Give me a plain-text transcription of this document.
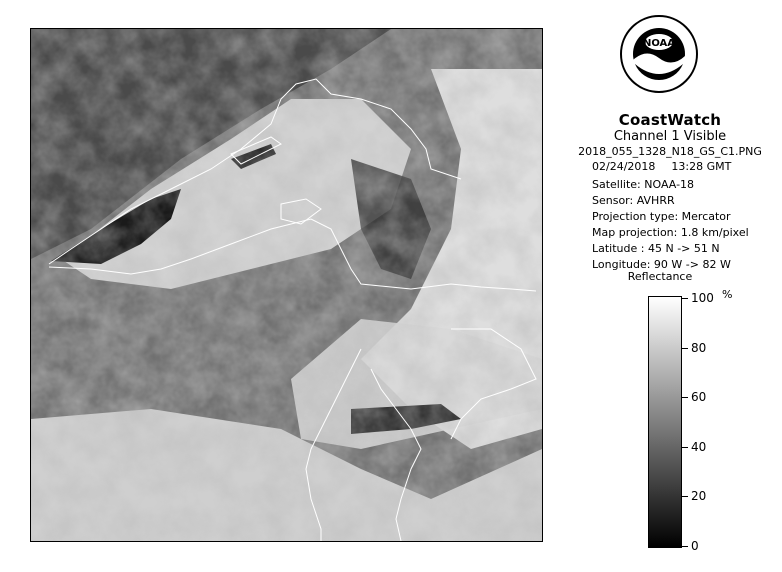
NOAA
CoastWatch
Channel 1 Visible
2018_055_1328_N18_GS_C1.PNG
02/24/2018 13:28 GMT
Satellite: NOAA-18
Sensor: AVHRR
Projection type: Mercator
Map projection: 1.8 km/pixel
Latitude : 45 N -> 51 N
Longitude: 90 W -> 82 W
Reflectance
%
100
80
60
40
20
0
